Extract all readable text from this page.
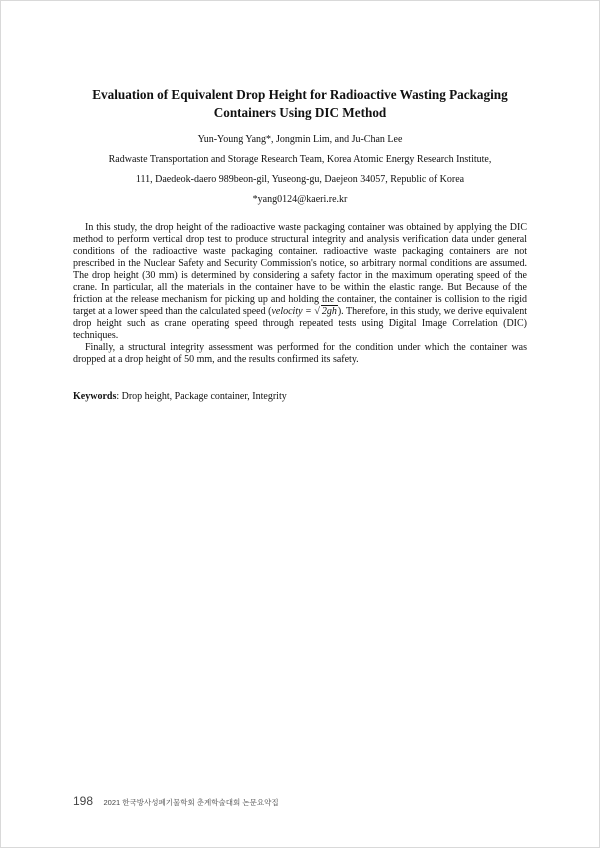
Evaluation of Equivalent Drop Height for Radioactive Wasting Packaging
Containers Using DIC Method

Yun-Young Yang*, Jongmin Lim, and Ju-Chan Lee

Radwaste Transportation and Storage Research Team, Korea Atomic Energy Research Institute,

111, Daedeok-daero 989beon-gil, Yuseong-gu, Daejeon 34057, Republic of Korea

*yang0124@kaeri.re.kr

In this study, the drop height of the radioactive waste packaging container was obtained by applying the DIC method to perform vertical drop test to produce structural integrity and analysis verification data under general conditions of the radioactive waste packaging container. radioactive waste packaging containers are not prescribed in the Nuclear Safety and Security Commission's notice, so arbitrary normal conditions are assumed. The drop height (30 mm) is determined by considering a safety factor in the maximum operating speed of the crane. In particular, all the materials in the container have to be within the elastic range. But Because of the friction at the release mechanism for picking up and holding the container, the container is collision to the rigid target at a lower speed than the calculated speed (velocity = √ 2gh). Therefore, in this study, we derive equivalent drop height such as crane operating speed through repeated tests using Digital Image Correlation (DIC) techniques.

Finally, a structural integrity assessment was performed for the condition under which the container was dropped at a drop height of 50 mm, and the results confirmed its safety.

Keywords: Drop height, Package container, Integrity

198 2021 한국방사성폐기물학회 춘계학술대회 논문요약집
